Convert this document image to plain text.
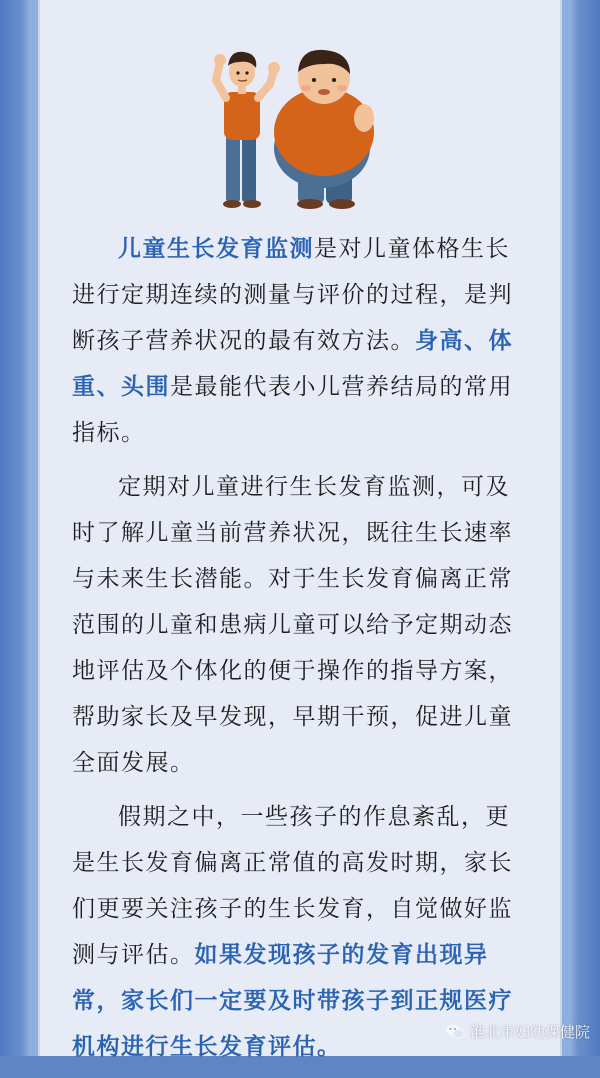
儿童生长发育监测是对儿童体格生长进行定期连续的测量与评价的过程，是判断孩子营养状况的最有效方法。身高、体重、头围是最能代表小儿营养结局的常用指标。

定期对儿童进行生长发育监测，可及时了解儿童当前营养状况，既往生长速率与未来生长潜能。对于生长发育偏离正常范围的儿童和患病儿童可以给予定期动态地评估及个体化的便于操作的指导方案，帮助家长及早发现，早期干预，促进儿童全面发展。

假期之中，一些孩子的作息紊乱，更是生长发育偏离正常值的高发时期，家长们更要关注孩子的生长发育，自觉做好监测与评估。如果发现孩子的发育出现异常，家长们一定要及时带孩子到正规医疗机构进行生长发育评估。	淮北市妇幼保健院
